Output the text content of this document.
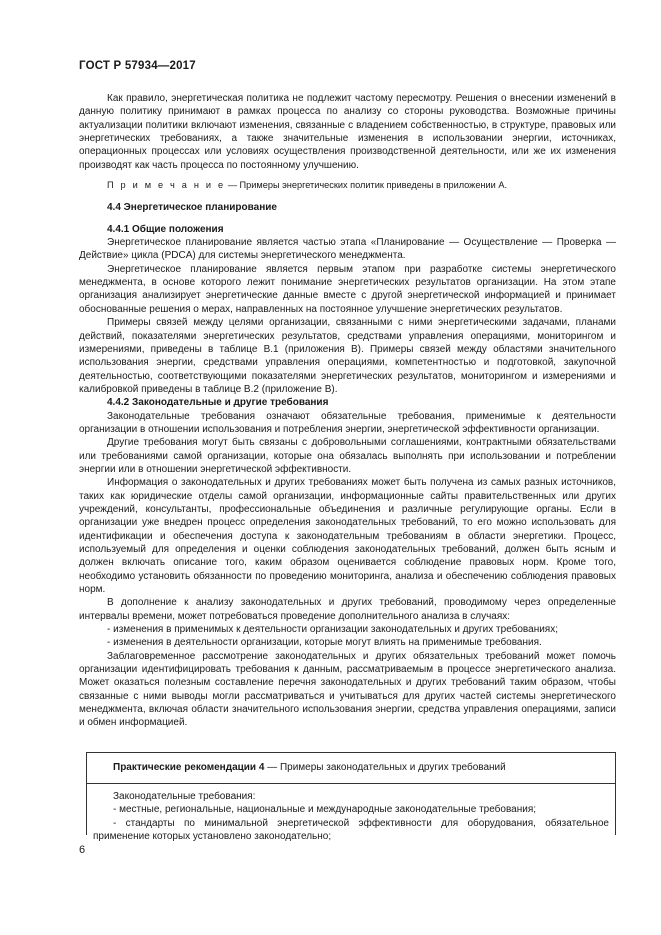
ГОСТ Р 57934—2017

Как правило, энергетическая политика не подлежит частому пересмотру. Решения о внесении изменений в данную политику принимают в рамках процесса по анализу со стороны руководства. Возможные причины актуализации политики включают изменения, связанные с владением собственностью, в структуре, правовых или энергетических требованиях, а также значительные изменения в использовании энергии, источниках, операционных процессах или условиях осуществления производственной деятельности, или же их изменения производят как часть процесса по постоянному улучшению.

П р и м е ч а н и е — Примеры энергетических политик приведены в приложении А.

4.4 Энергетическое планирование

4.4.1 Общие положения

Энергетическое планирование является частью этапа «Планирование — Осуществление — Проверка — Действие» цикла (PDCA) для системы энергетического менеджмента.

Энергетическое планирование является первым этапом при разработке системы энергетического менеджмента, в основе которого лежит понимание энергетических результатов организации. На этом этапе организация анализирует энергетические данные вместе с другой энергетической информацией и принимает обоснованные решения о мерах, направленных на постоянное улучшение энергетических результатов.

Примеры связей между целями организации, связанными с ними энергетическими задачами, планами действий, показателями энергетических результатов, средствами управления операциями, мониторингом и измерениями, приведены в таблице В.1 (приложения В). Примеры связей между областями значительного использования энергии, средствами управления операциями, компетентностью и подготовкой, закупочной деятельностью, соответствующими показателями энергетических результатов, мониторингом и измерениями и калибровкой приведены в таблице В.2 (приложение В).

4.4.2 Законодательные и другие требования

Законодательные требования означают обязательные требования, применимые к деятельности организации в отношении использования и потребления энергии, энергетической эффективности организации.

Другие требования могут быть связаны с добровольными соглашениями, контрактными обязательствами или требованиями самой организации, которые она обязалась выполнять при использовании и потреблении энергии или в отношении энергетической эффективности.

Информация о законодательных и других требованиях может быть получена из самых разных источников, таких как юридические отделы самой организации, информационные сайты правительственных или других учреждений, консультанты, профессиональные объединения и различные регулирующие органы. Если в организации уже внедрен процесс определения законодательных требований, то его можно использовать для идентификации и обеспечения доступа к законодательным требованиям в области энергетики. Процесс, используемый для определения и оценки соблюдения законодательных требований, должен быть ясным и должен включать описание того, каким образом оценивается соблюдение правовых норм. Кроме того, необходимо установить обязанности по проведению мониторинга, анализа и обеспечению соблюдения правовых норм.

В дополнение к анализу законодательных и других требований, проводимому через определенные интервалы времени, может потребоваться проведение дополнительного анализа в случаях:

- изменения в применимых к деятельности организации законодательных и других требованиях;

- изменения в деятельности организации, которые могут влиять на применимые требования.

Заблаговременное рассмотрение законодательных и других обязательных требований может помочь организации идентифицировать требования к данным, рассматриваемым в процессе энергетического анализа. Может оказаться полезным составление перечня законодательных и других требований таким образом, чтобы связанные с ними выводы могли рассматриваться и учитываться для других частей системы энергетического менеджмента, включая области значительного использования энергии, средства управления операциями, записи и обмен информацией.

Практические рекомендации 4 — Примеры законодательных и других требований

Законодательные требования:

- местные, региональные, национальные и международные законодательные требования;

- стандарты по минимальной энергетической эффективности для оборудования, обязательное применение которых установлено законодательно;

6
